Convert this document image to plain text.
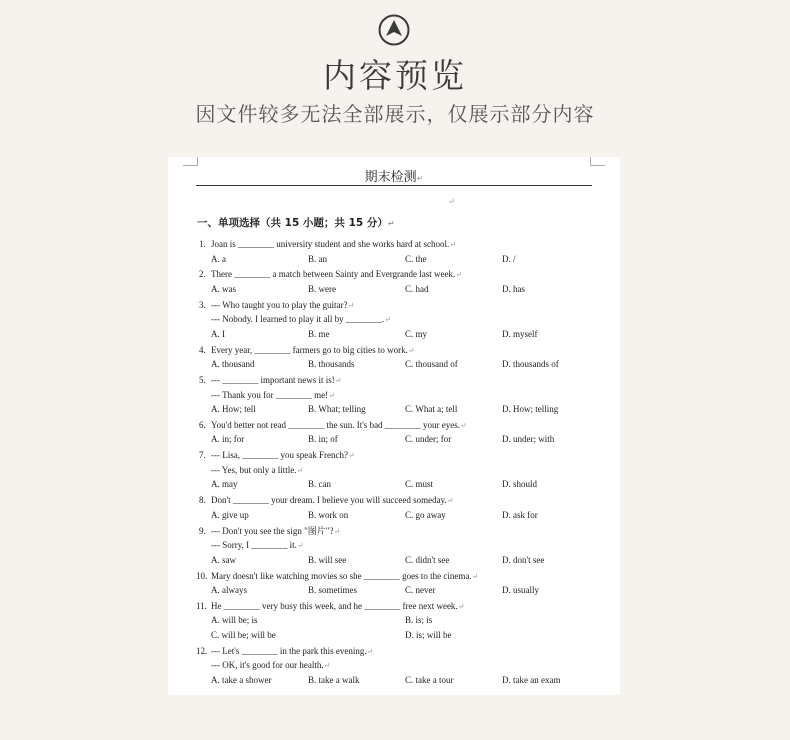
内容预览
因文件较多无法全部展示，仅展示部分内容
期末检测↵
↵
一、单项选择（共 15 小题；共 15 分）↵
1. Joan is ________ university student and she works hard at school.↵
A. a	B. an	C. the	D. /
2. There ________ a match between Sainty and Evergrande last week.↵
A. was	B. were	C. had	D. has
3. --- Who taught you to play the guitar?↵
--- Nobody. I learned to play it all by ________.↵
A. I	B. me	C. my	D. myself
4. Every year, ________ farmers go to big cities to work.↵
A. thousand	B. thousands	C. thousand of	D. thousands of
5. --- ________ important news it is!↵
--- Thank you for ________ me!↵
A. How; tell	B. What; telling	C. What a; tell	D. How; telling
6. You'd better not read ________ the sun. It's bad ________ your eyes.↵
A. in; for	B. in; of	C. under; for	D. under; with
7. --- Lisa, ________ you speak French?↵
--- Yes, but only a little.↵
A. may	B. can	C. must	D. should
8. Don't ________ your dream. I believe you will succeed someday.↵
A. give up	B. work on	C. go away	D. ask for
9. --- Don't you see the sign "图片"?↵
--- Sorry, I ________ it.↵
A. saw	B. will see	C. didn't see	D. don't see
10. Mary doesn't like watching movies so she ________ goes to the cinema.↵
A. always	B. sometimes	C. never	D. usually
11. He ________ very busy this week, and he ________ free next week.↵
A. will be; is	B. is; is
C. will be; will be	D. is; will be
12. --- Let's ________ in the park this evening.↵
--- OK, it's good for our health.↵
A. take a shower	B. take a walk	C. take a tour	D. take an exam
